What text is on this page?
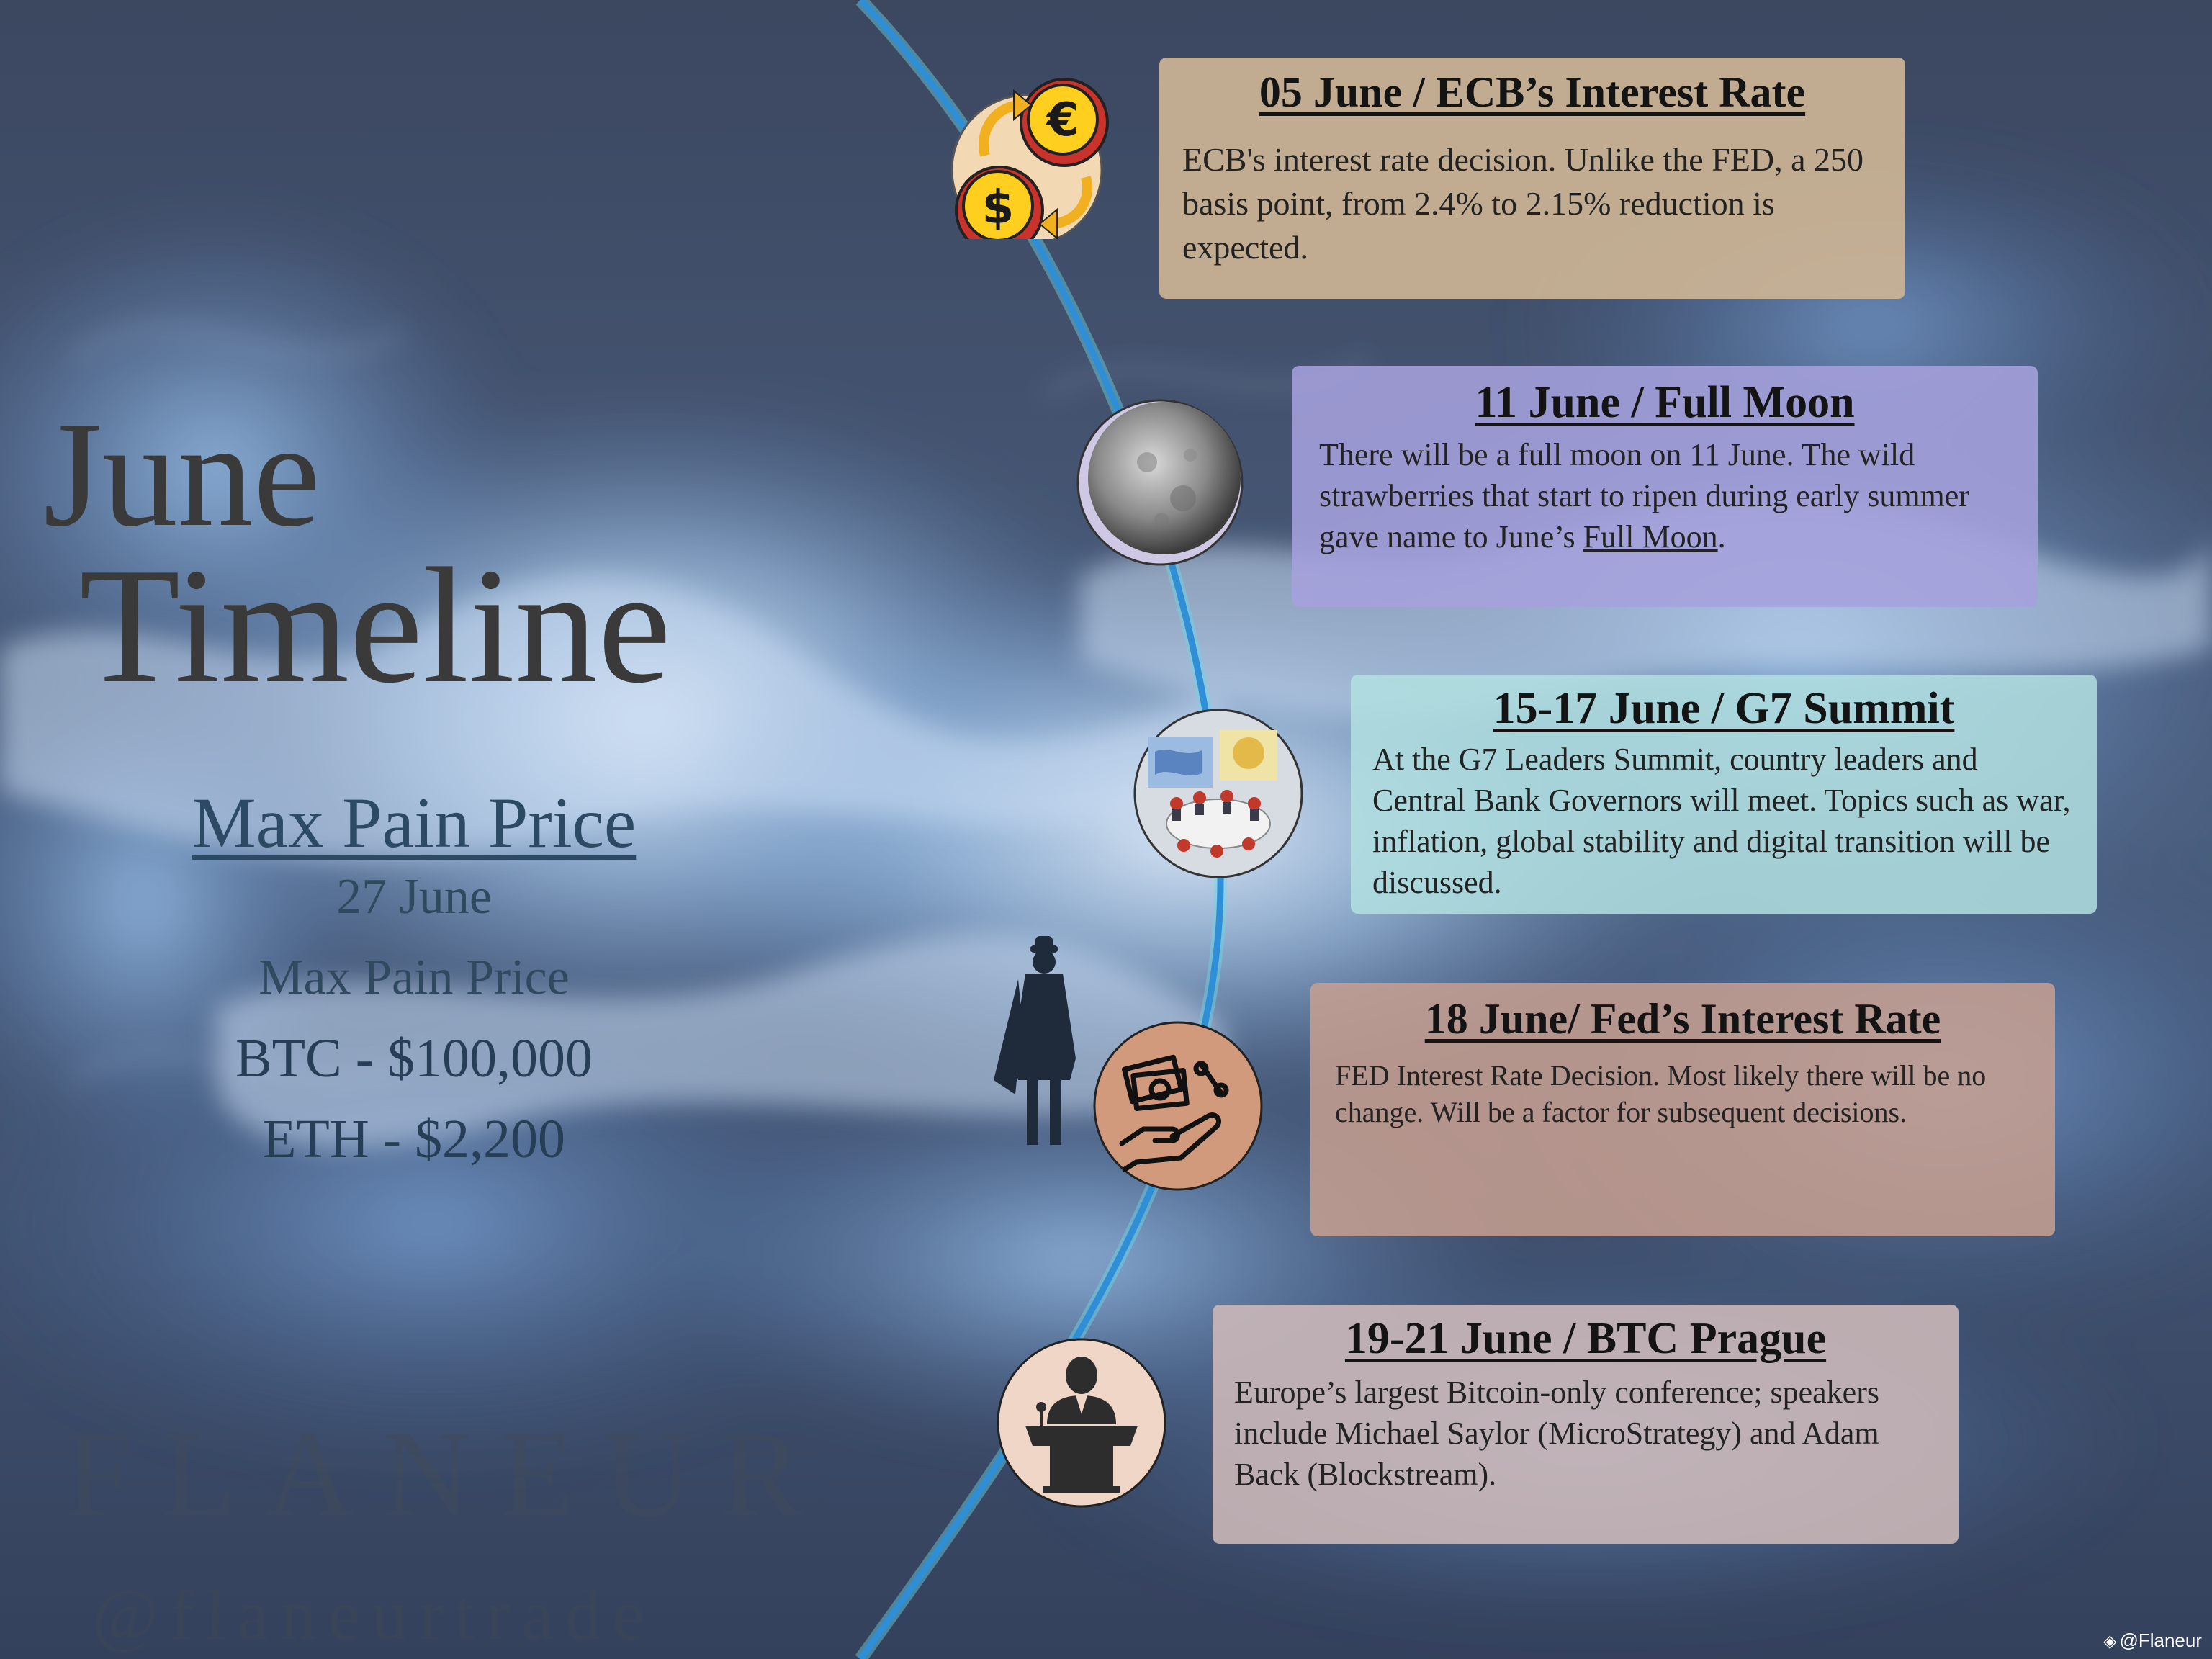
June
Timeline
Max Pain Price
27 June
Max Pain Price
BTC - $100,000
ETH - $2,200
FLANEUR
@flaneurtrade	◈ @Flaneur
€
$
05 June / ECB’s Interest Rate
ECB's interest rate decision. Unlike the FED, a 250 basis point, from 2.4% to 2.15% reduction is expected.
11 June / Full Moon
There will be a full moon on 11 June. The wild strawberries that start to ripen during early summer gave name to June’s Full Moon.
15-17 June / G7 Summit
At the G7 Leaders Summit, country leaders and Central Bank Governors will meet. Topics such as war, inflation, global stability and digital transition will be discussed.
18 June/ Fed’s Interest Rate
FED Interest Rate Decision. Most likely there will be no change. Will be a factor for subsequent decisions.
19-21 June / BTC Prague
Europe’s largest Bitcoin-only conference; speakers include Michael Saylor (MicroStrategy) and Adam Back (Blockstream).
